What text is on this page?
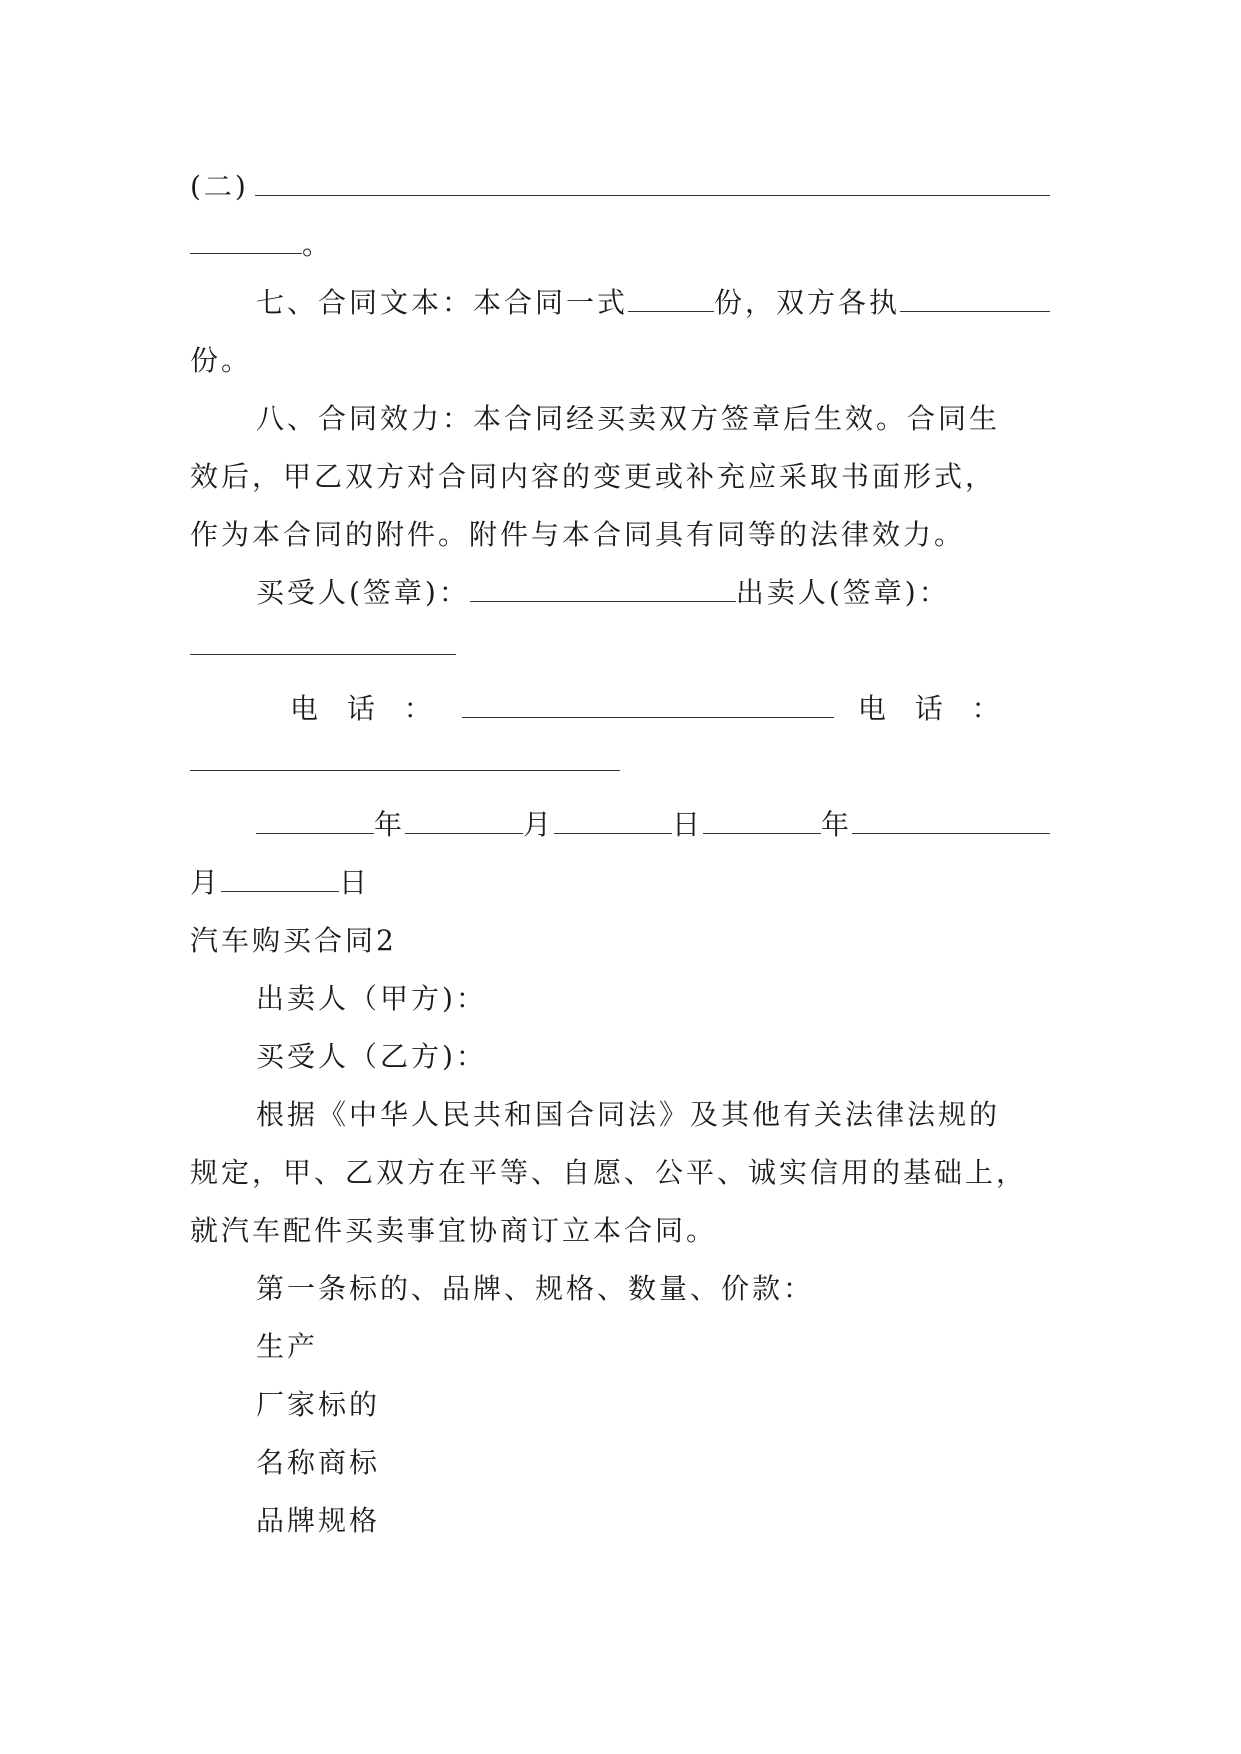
(二)
。
七、合同文本：本合同一式	份，双方各执
份。
八、合同效力：本合同经买卖双方签章后生效。合同生
效后，甲乙双方对合同内容的变更或补充应采取书面形式，
作为本合同的附件。附件与本合同具有同等的法律效力。
买受人(签章)：	出卖人(签章)：
电 话 ：	电 话 ：
年	月	日	年
月	日
汽车购买合同2
出卖人（甲方)：
买受人（乙方)：
根据《中华人民共和国合同法》及其他有关法律法规的
规定，甲、乙双方在平等、自愿、公平、诚实信用的基础上，
就汽车配件买卖事宜协商订立本合同。
第一条标的、品牌、规格、数量、价款：
生产
厂家标的
名称商标
品牌规格
